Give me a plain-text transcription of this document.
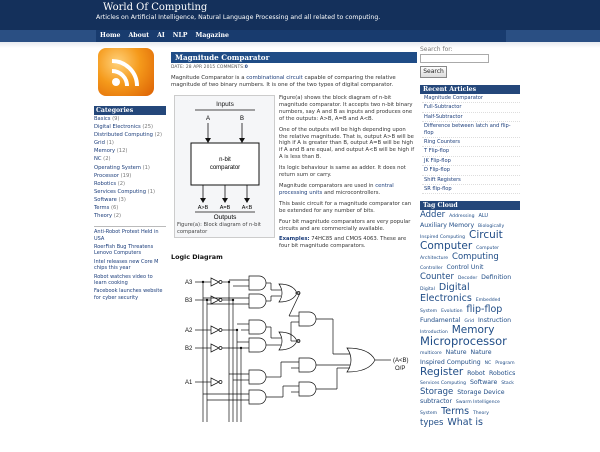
World Of Computing
Articles on Artificial Intelligence, Natural Language Processing and all related to computing.
Home	About	AI	NLP	Magazine
Categories
Basics (9)
Digital Electronics (25)
Distributed Computing (2)
Grid (1)
Memory (12)
NC (2)
Operating System (1)
Processor (19)
Robotics (2)
Services Computing (1)
Software (3)
Terms (6)
Theory (2)
Anti-Robot Protest Held in USA
RoerFish Bug Threatens Lenovo Computers
Intel releases new Core M chips this year
Robot watches video to learn cooking
Facebook launches website for cyber security
Magnitude Comparator
DATE: 28 APR 2015 COMMENTS:0
Magnitude Comparator is a combinational circuit capable of comparing the relative magnitude of two binary numbers. It is one of the two types of digital comparator.
Inputs
A	B
n-bit
comparator
A>B A=B A<B
Outputs
Figure(a): Block diagram of n-bit comparator

Figure(a) shows the block diagram of n-bit magnitude comparator. It accepts two n-bit binary numbers, say A and B as inputs and produces one of the outputs: A>B, A=B and A<B.

One of the outputs will be high depending upon the relative magnitude. That is, output A>B will be high if A is greater than B, output A=B will be high if A and B are equal, and output A<B will be high if A is less than B.

Its logic behaviour is same as adder. It does not return sum or carry.

Magnitude comparators are used in central processing units and microcontrollers.

This basic circuit for a magnitude comparator can be extended for any number of bits.

Four bit magnitude comparators are very popular circuits and are commercially available.

Examples: 74HC85 and CMOS 4063. These are four bit magnitude comparators.

Logic Diagram
A3
B3
A2
B2
A1
(A<B)
O/P
Search for:
Search
Recent Articles
Magnitude Comparator
Full-Subtractor
Half-Subtractor
Difference between latch and flip-flop
Ring Counters
T Flip-flop
JK Flip-flop
D Flip-flop
Shift Registers
SR flip-flop
Tag Cloud
Adder Addressing ALU Auxiliary Memory Biologically Inspired Computing Circuit Computer Computer Architecture Computing Controller Control Unit Counter Decoder Definition Digital Digital Electronics Embedded System Evolution flip-flop Fundamental Grid Instruction Introduction Memory Microprocessor multicore Nature Nature Inspired Computing NC Program Register Robot Robotics Services Computing Software Stack Storage Storage Device subtractor Swarm Intelligence System Terms Theory types What is
